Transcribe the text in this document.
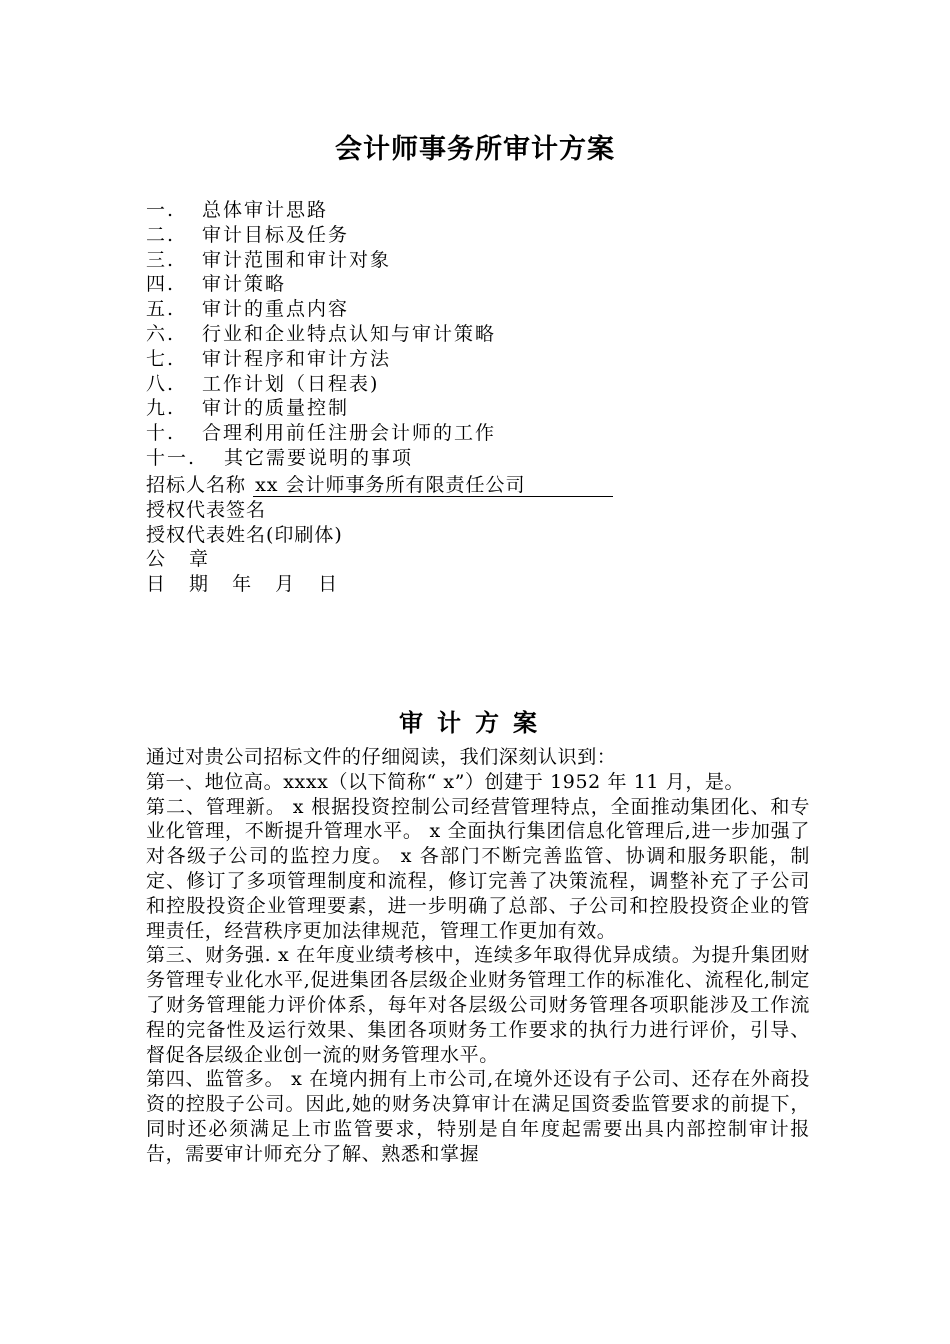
会计师事务所审计方案
一. 总体审计思路
二. 审计目标及任务
三. 审计范围和审计对象
四. 审计策略
五. 审计的重点内容
六. 行业和企业特点认知与审计策略
七. 审计程序和审计方法
八. 工作计划（日程表)
九. 审计的质量控制
十. 合理利用前任注册会计师的工作
十一. 其它需要说明的事项
招标人名称 xx 会计师事务所有限责任公司
授权代表签名
授权代表姓名(印刷体)
公 章
日 期 年 月 日
审计方案

通过对贵公司招标文件的仔细阅读，我们深刻认识到：

第一、地位高。xxxx（以下简称“ x”）创建于 1952 年 11 月，是。

第二、管理新。 x 根据投资控制公司经营管理特点，全面推动集团化、和专业化管理，不断提升管理水平。 x 全面执行集团信息化管理后,进一步加强了对各级子公司的监控力度。 x 各部门不断完善监管、协调和服务职能，制定、修订了多项管理制度和流程，修订完善了决策流程，调整补充了子公司和控股投资企业管理要素，进一步明确了总部、子公司和控股投资企业的管理责任，经营秩序更加法律规范，管理工作更加有效。

第三、财务强. x 在年度业绩考核中，连续多年取得优异成绩。为提升集团财务管理专业化水平,促进集团各层级企业财务管理工作的标准化、流程化,制定了财务管理能力评价体系，每年对各层级公司财务管理各项职能涉及工作流程的完备性及运行效果、集团各项财务工作要求的执行力进行评价，引导、督促各层级企业创一流的财务管理水平。

第四、监管多。 x 在境内拥有上市公司,在境外还设有子公司、还存在外商投资的控股子公司。因此,她的财务决算审计在满足国资委监管要求的前提下，同时还必须满足上市监管要求，特别是自年度起需要出具内部控制审计报告，需要审计师充分了解、熟悉和掌握
